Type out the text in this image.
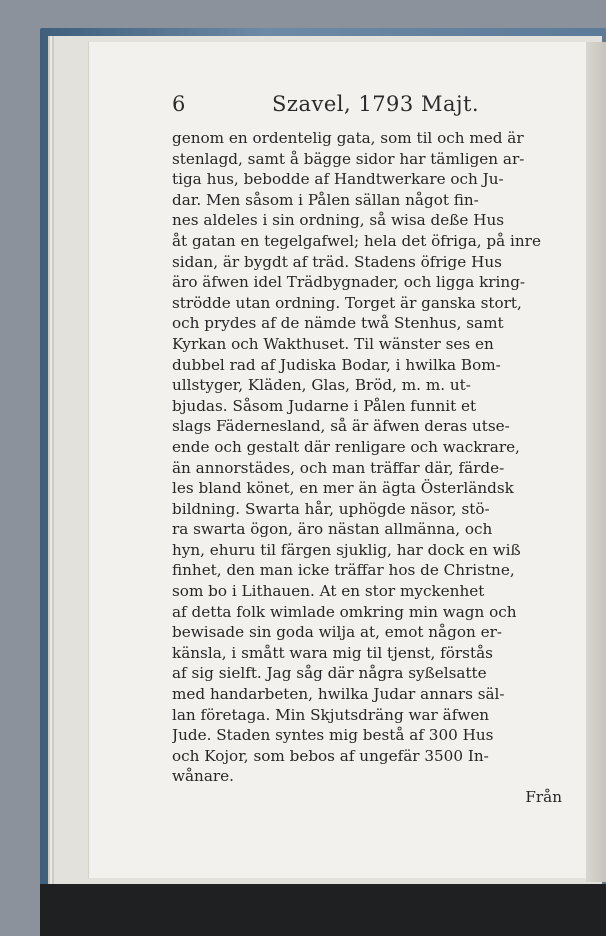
6	Szavel, 1793 Majt.
genom en ordentelig gata, som til och med är
stenlagd, samt å bägge sidor har tämligen ar-
tiga hus, bebodde af Handtwerkare och Ju-
dar. Men såsom i Pålen sällan något fin-
nes aldeles i sin ordning, så wisa deße Hus
åt gatan en tegelgafwel; hela det öfriga, på inre
sidan, är bygdt af träd. Stadens öfrige Hus
äro äfwen idel Trädbygnader, och ligga kring-
strödde utan ordning. Torget är ganska stort,
och prydes af de nämde twå Stenhus, samt
Kyrkan och Wakthuset. Til wänster ses en
dubbel rad af Judiska Bodar, i hwilka Bom-
ullstyger, Kläden, Glas, Bröd, m. m. ut-
bjudas. Såsom Judarne i Pålen funnit et
slags Fädernesland, så är äfwen deras utse-
ende och gestalt där renligare och wackrare,
än annorstädes, och man träffar där, färde-
les bland könet, en mer än ägta Österländsk
bildning. Swarta hår, uphögde näsor, stö-
ra swarta ögon, äro nästan allmänna, och
hyn, ehuru til färgen sjuklig, har dock en wiß
finhet, den man icke träffar hos de Christne,
som bo i Lithauen. At en stor myckenhet
af detta folk wimlade omkring min wagn och
bewisade sin goda wilja at, emot någon er-
känsla, i smått wara mig til tjenst, förstås
af sig sielft. Jag såg där några syßelsatte
med handarbeten, hwilka Judar annars säl-
lan företaga. Min Skjutsdräng war äfwen
Jude. Staden syntes mig bestå af 300 Hus
och Kojor, som bebos af ungefär 3500 In-
wånare.
Från
